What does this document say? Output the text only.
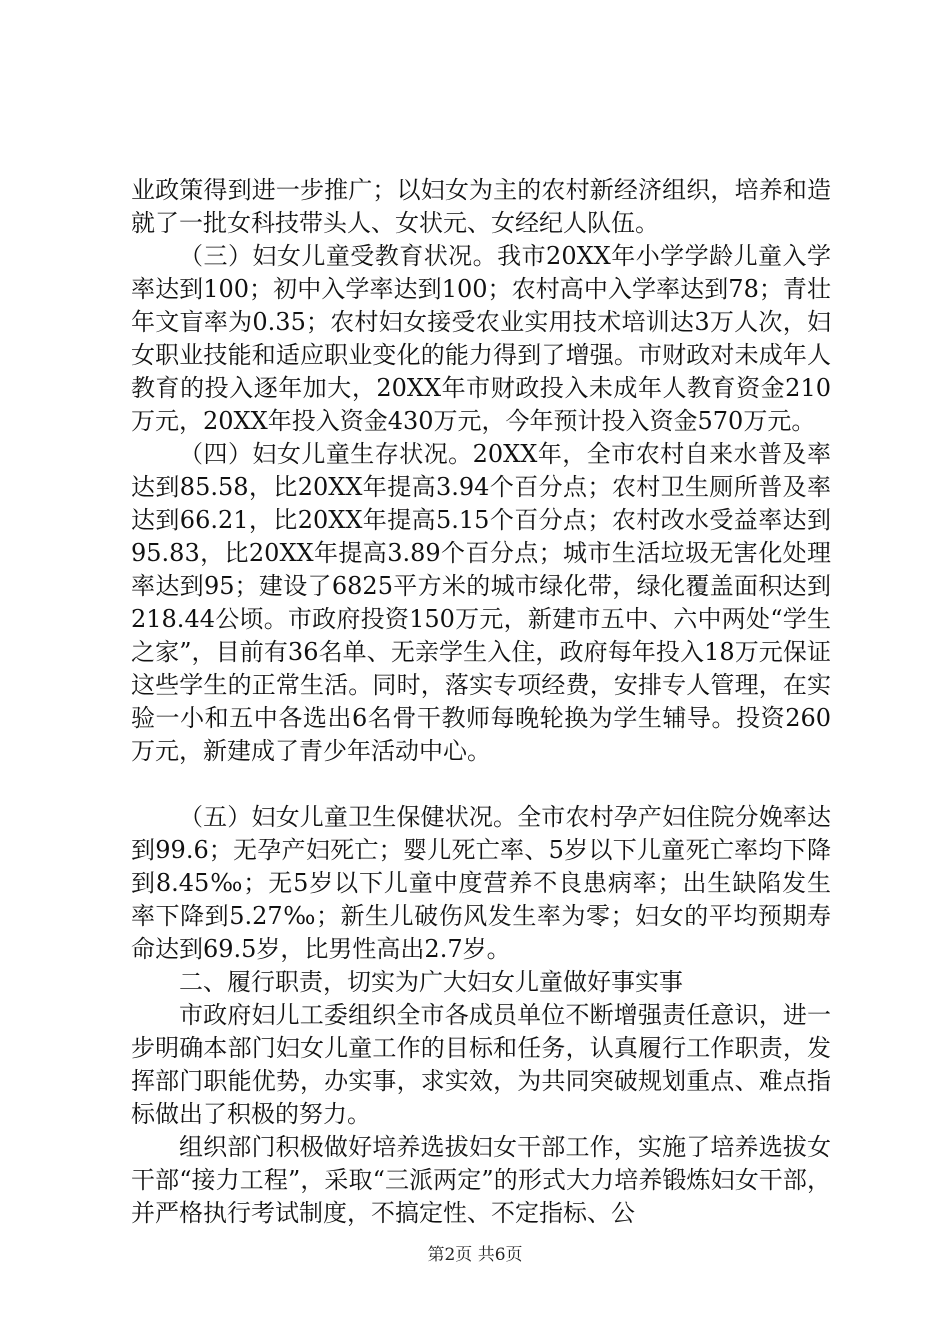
业政策得到进一步推广；以妇女为主的农村新经济组织，培养和造就了一批女科技带头人、女状元、女经纪人队伍。

（三）妇女儿童受教育状况。我市20XX年小学学龄儿童入学率达到100；初中入学率达到100；农村高中入学率达到78；青壮年文盲率为0.35；农村妇女接受农业实用技术培训达3万人次，妇女职业技能和适应职业变化的能力得到了增强。市财政对未成年人教育的投入逐年加大，20XX年市财政投入未成年人教育资金210万元，20XX年投入资金430万元，今年预计投入资金570万元。

（四）妇女儿童生存状况。20XX年，全市农村自来水普及率达到85.58，比20XX年提高3.94个百分点；农村卫生厕所普及率达到66.21，比20XX年提高5.15个百分点；农村改水受益率达到95.83，比20XX年提高3.89个百分点；城市生活垃圾无害化处理率达到95；建设了6825平方米的城市绿化带，绿化覆盖面积达到218.44公顷。市政府投资150万元，新建市五中、六中两处“学生之家”，目前有36名单、无亲学生入住，政府每年投入18万元保证这些学生的正常生活。同时，落实专项经费，安排专人管理，在实验一小和五中各选出6名骨干教师每晚轮换为学生辅导。投资260万元，新建成了青少年活动中心。

（五）妇女儿童卫生保健状况。全市农村孕产妇住院分娩率达到99.6；无孕产妇死亡；婴儿死亡率、5岁以下儿童死亡率均下降到8.45‰；无5岁以下儿童中度营养不良患病率；出生缺陷发生率下降到5.27‰；新生儿破伤风发生率为零；妇女的平均预期寿命达到69.5岁，比男性高出2.7岁。

二、履行职责，切实为广大妇女儿童做好事实事

市政府妇儿工委组织全市各成员单位不断增强责任意识，进一步明确本部门妇女儿童工作的目标和任务，认真履行工作职责，发挥部门职能优势，办实事，求实效，为共同突破规划重点、难点指标做出了积极的努力。

组织部门积极做好培养选拔妇女干部工作，实施了培养选拔女干部“接力工程”，采取“三派两定”的形式大力培养锻炼妇女干部，并严格执行考试制度，不搞定性、不定指标、公

第2页 共6页
